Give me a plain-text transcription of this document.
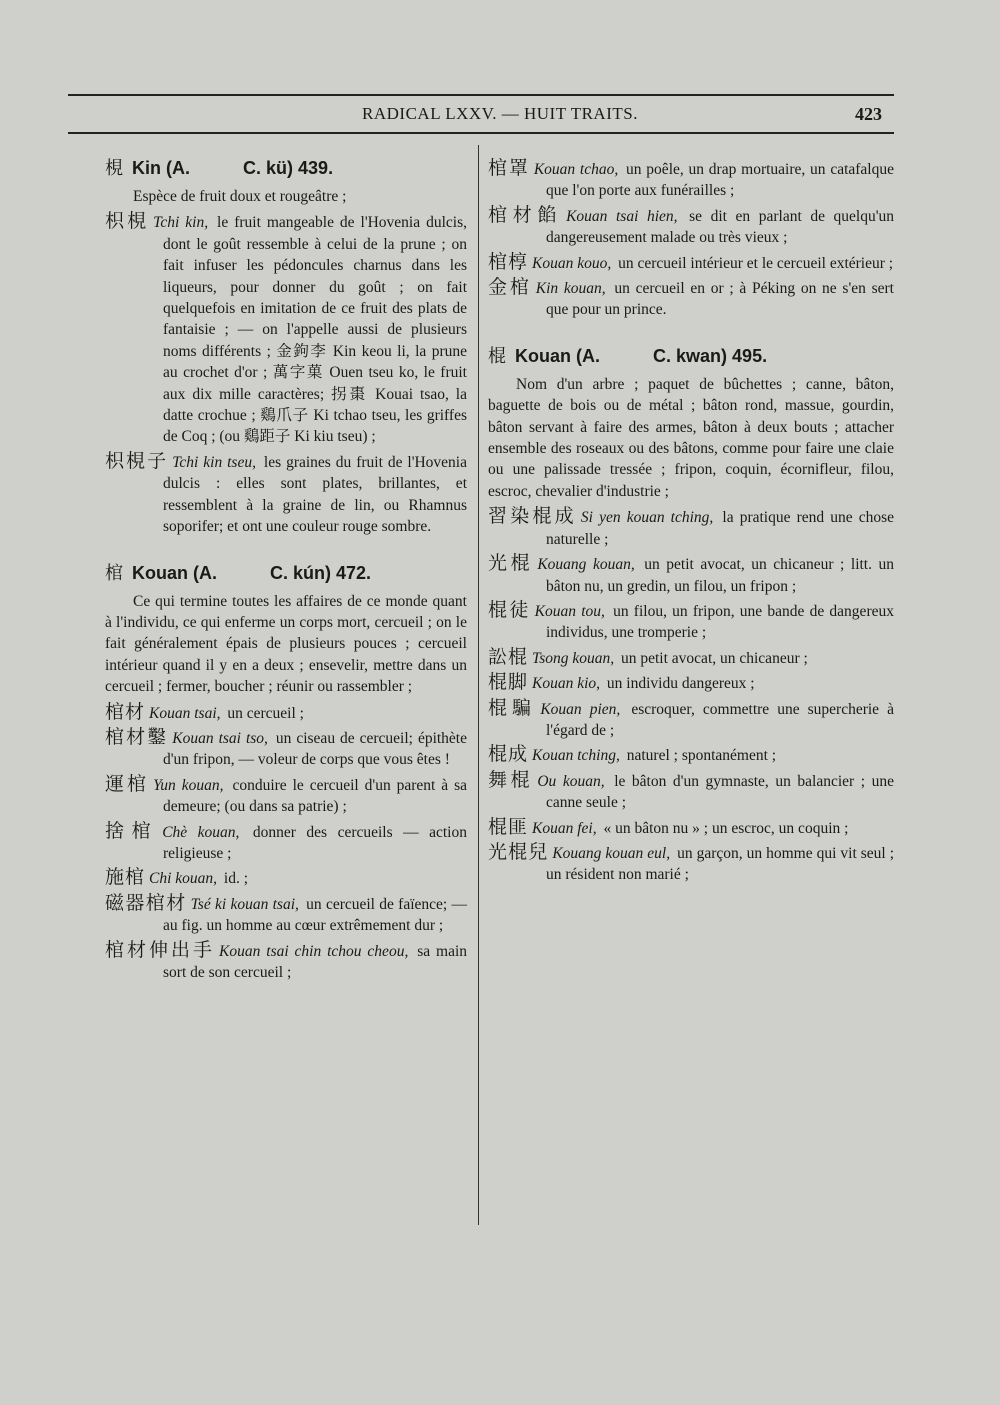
RADICAL LXXV. — HUIT TRAITS.	423
梘 Kin (A.	C. kü) 439.

Espèce de fruit doux et rougeâtre ;

枳梘 Tchi kin, le fruit mangeable de l'Hovenia dulcis, dont le goût ressemble à celui de la prune ; on fait infuser les pédoncules charnus dans les liqueurs, pour donner du goût ; on fait quelquefois en imitation de ce fruit des plats de fantaisie ; — on l'appelle aussi de plusieurs noms différents ; 金鉤李 Kin keou li, la prune au crochet d'or ; 萬字菓 Ouen tseu ko, le fruit aux dix mille caractères; 拐棗 Kouai tsao, la datte crochue ; 鷄爪子 Ki tchao tseu, les griffes de Coq ; (ou 鷄距子 Ki kiu tseu) ;
枳梘子 Tchi kin tseu, les graines du fruit de l'Hovenia dulcis : elles sont plates, brillantes, et ressemblent à la graine de lin, ou Rhamnus soporifer; et ont une couleur rouge sombre.
棺 Kouan (A.	C. kún) 472.

Ce qui termine toutes les affaires de ce monde quant à l'individu, ce qui enferme un corps mort, cercueil ; on le fait généralement épais de plusieurs pouces ; cercueil intérieur quand il y en a deux ; ensevelir, mettre dans un cercueil ; fermer, boucher ; réunir ou rassembler ;

棺材 Kouan tsai, un cercueil ;
棺材鑿 Kouan tsai tso, un ciseau de cercueil; épithète d'un fripon, — voleur de corps que vous êtes !
運棺 Yun kouan, conduire le cercueil d'un parent à sa demeure; (ou dans sa patrie) ;
捨棺 Chè kouan, donner des cercueils — action religieuse ;
施棺 Chi kouan, id. ;
磁器棺材 Tsé ki kouan tsai, un cercueil de faïence; — au fig. un homme au cœur extrêmement dur ;
棺材伸出手 Kouan tsai chin tchou cheou, sa main sort de son cercueil ;
棺罩 Kouan tchao, un poêle, un drap mortuaire, un catafalque que l'on porte aux funérailles ;
棺材餡 Kouan tsai hien, se dit en parlant de quelqu'un dangereusement malade ou très vieux ;
棺椁 Kouan kouo, un cercueil intérieur et le cercueil extérieur ;
金棺 Kin kouan, un cercueil en or ; à Péking on ne s'en sert que pour un prince.
棍 Kouan (A.	C. kwan) 495.

Nom d'un arbre ; paquet de bûchettes ; canne, bâton, baguette de bois ou de métal ; bâton rond, massue, gourdin, bâton servant à faire des armes, bâton à deux bouts ; attacher ensemble des roseaux ou des bâtons, comme pour faire une claie ou une palissade tressée ; fripon, coquin, écornifleur, filou, escroc, chevalier d'industrie ;

習染棍成 Si yen kouan tching, la pratique rend une chose naturelle ;
光棍 Kouang kouan, un petit avocat, un chicaneur ; litt. un bâton nu, un gredin, un filou, un fripon ;
棍徒 Kouan tou, un filou, un fripon, une bande de dangereux individus, une tromperie ;
訟棍 Tsong kouan, un petit avocat, un chicaneur ;
棍脚 Kouan kio, un individu dangereux ;
棍騙 Kouan pien, escroquer, commettre une supercherie à l'égard de ;
棍成 Kouan tching, naturel ; spontanément ;
舞棍 Ou kouan, le bâton d'un gymnaste, un balancier ; une canne seule ;
棍匪 Kouan fei, « un bâton nu » ; un escroc, un coquin ;
光棍兒 Kouang kouan eul, un garçon, un homme qui vit seul ; un résident non marié ;
